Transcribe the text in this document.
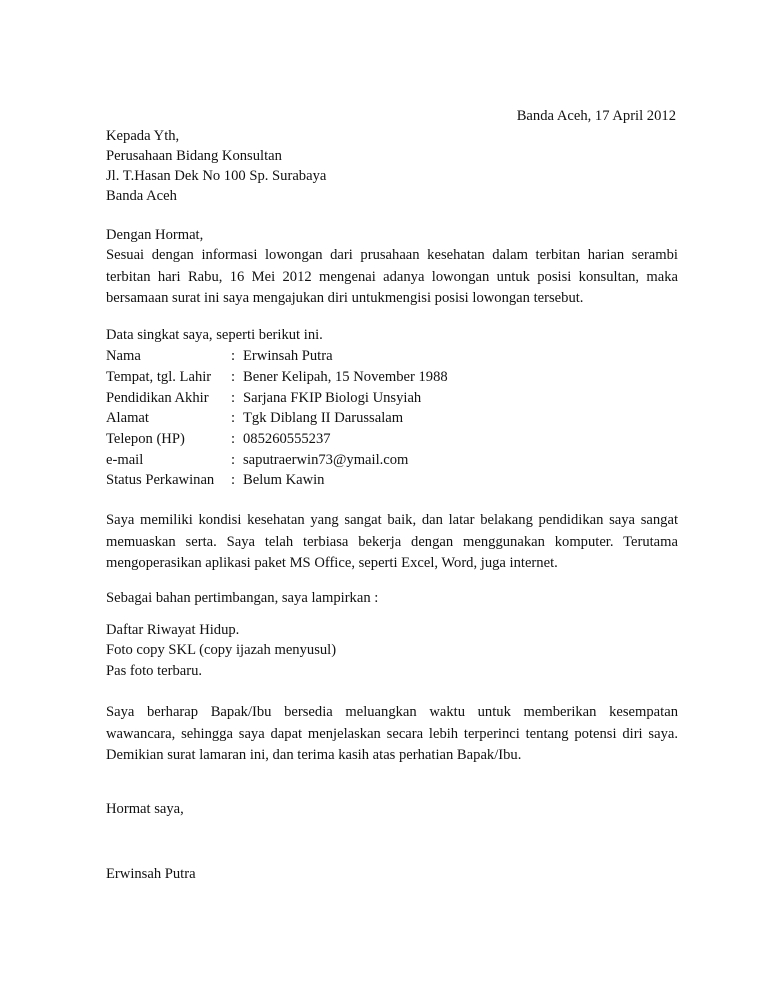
Banda Aceh, 17 April 2012
Kepada Yth,
Perusahaan Bidang Konsultan
Jl. T.Hasan Dek No 100 Sp. Surabaya
Banda Aceh
Dengan Hormat,
Sesuai dengan informasi lowongan dari prusahaan kesehatan dalam terbitan harian serambi
terbitan hari Rabu, 16 Mei 2012 mengenai adanya lowongan untuk posisi konsultan, maka
bersamaan surat ini saya mengajukan diri untukmengisi posisi lowongan tersebut.
Data singkat saya, seperti berikut ini.
Nama	: Erwinsah Putra
Tempat, tgl. Lahir : Bener Kelipah, 15 November 1988
Pendidikan Akhir : Sarjana FKIP Biologi Unsyiah
Alamat	: Tgk Diblang II Darussalam
Telepon (HP)	: 085260555237
e-mail	: saputraerwin73@ymail.com
Status Perkawinan : Belum Kawin
Saya memiliki kondisi kesehatan yang sangat baik, dan latar belakang pendidikan saya sangat
memuaskan serta. Saya telah terbiasa bekerja dengan menggunakan komputer. Terutama
mengoperasikan aplikasi paket MS Office, seperti Excel, Word, juga internet.
Sebagai bahan pertimbangan, saya lampirkan :
Daftar Riwayat Hidup.
Foto copy SKL (copy ijazah menyusul)
Pas foto terbaru.
Saya berharap Bapak/Ibu bersedia meluangkan waktu untuk memberikan kesempatan
wawancara, sehingga saya dapat menjelaskan secara lebih terperinci tentang potensi diri saya.
Demikian surat lamaran ini, dan terima kasih atas perhatian Bapak/Ibu.
Hormat saya,
Erwinsah Putra
